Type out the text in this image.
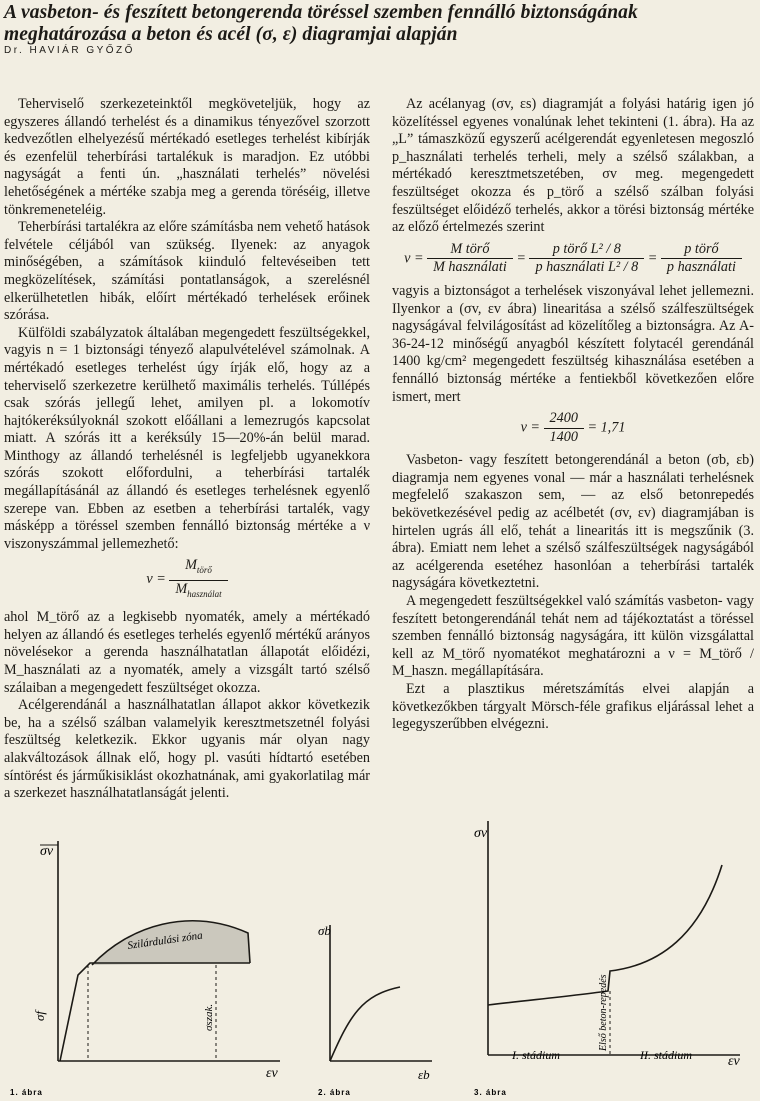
A vasbeton- és feszített betongerenda töréssel szemben fennálló biztonságának meghatározása a beton és acél (σ, ε) diagramjai alapján
Dr. HAVIÁR GYŐZŐ

Teherviselő szerkezeteinktől megköveteljük, hogy az egyszeres állandó terhelést és a dinamikus tényezővel szorzott kedvezőtlen elhelyezésű mértékadó esetleges terhelést kibírják és ezenfelül teherbírási tartalékuk is maradjon. Ez utóbbi nagyságát a fenti ún. „használati terhelés” növelési lehetőségének a mértéke szabja meg a gerenda töréséig, illetve tönkremeneteléig.

Teherbírási tartalékra az előre számításba nem vehető hatások felvétele céljából van szükség. Ilyenek: az anyagok minőségében, a számítások kiinduló feltevéseiben tett megközelítések, számítási pontatlanságok, a szerelésnél elkerülhetetlen hibák, előírt mértékadó terhelések erőinek szórása.

Külföldi szabályzatok általában megengedett feszültségekkel, vagyis n = 1 biztonsági tényező alapulvételével számolnak. A mértékadó esetleges terhelést úgy írják elő, hogy az a teherviselő szerkezetre kerülhető maximális terhelés. Túllépés csak szórás jellegű lehet, amilyen pl. a lokomotív hajtókeréksúlyoknál szokott előállani a lemezrugós kapcsolat miatt. A szórás itt a keréksúly 15—20%-án belül marad. Minthogy az állandó terhelésnél is legfeljebb ugyanekkora szórás szokott előfordulni, a teherbírási tartalék megállapításánál az állandó és esetleges terhelésnek egyenlő szerepe van. Ebben az esetben a teherbírási tartalék, vagy másképp a töréssel szemben fennálló biztonság mértéke a ν viszonyszámmal jellemezhető:

$\nu = \frac{M_{törő}}{M_{használat}}$

ahol M_törő az a legkisebb nyomaték, amely a mértékadó helyen az állandó és esetleges terhelés egyenlő mértékű arányos növelésekor a gerenda használhatatlan állapotát előidézi, M_használati az a nyomaték, amely a vizsgált tartó szélső szálaiban a megengedett feszültséget okozza.

Acélgerendánál a használhatatlan állapot akkor következik be, ha a szélső szálban valamelyik keresztmetszetnél folyási feszültség keletkezik. Ekkor ugyanis már olyan nagy alakváltozások állnak elő, hogy pl. vasúti hídtartó esetében síntörést és járműkisiklást okozhatnának, ami gyakorlatilag már a szerkezet használhatatlanságát jelenti.

Az acélanyag (σv, εs) diagramját a folyási határig igen jó közelítéssel egyenes vonalúnak lehet tekinteni (1. ábra). Ha az „L” támaszközű egyszerű acélgerendát egyenletesen megoszló p_használati terhelés terheli, mely a szélső szálakban, a mértékadó keresztmetszetében, σv meg. megengedett feszültséget okozza és p_törő a szélső szálban folyási feszültséget előidéző terhelés, akkor a törési biztonság mértéke az előző értelmezés szerint

$\nu = \frac{\text{M törő}}{\text{M használati}} = \frac{\text{p törő L² / 8}}{\text{p használati L² / 8}} = \frac{\text{p törő}}{\text{p használati}}$

vagyis a biztonságot a terhelések viszonyával lehet jellemezni. Ilyenkor a (σv, εv ábra) linearitása a szélső szálfeszültségek nagyságával felvilágosítást ad közelítőleg a biztonságra. Az A-36-24-12 minőségű anyagból készített folytacél gerendánál 1400 kg/cm² megengedett feszültség kihasználása esetében a fennálló biztonság mértéke a fentiekből következően előre ismert, mert

$\nu = \frac{2400}{1400} = 1,71$

Vasbeton- vagy feszített betongerendánál a beton (σb, εb) diagramja nem egyenes vonal — már a használati terhelésnek megfelelő szakaszon sem, — az első betonrepedés bekövetkezésével pedig az acélbetét (σv, εv) diagramjában is hirtelen ugrás áll elő, tehát a linearitás itt is megszűnik (3. ábra). Emiatt nem lehet a szélső szálfeszültségek nagyságából az acélgerenda esetéhez hasonlóan a teherbírási tartalék nagyságára következtetni.

A megengedett feszültségekkel való számítás vasbeton- vagy feszített betongerendánál tehát nem ad tájékoztatást a töréssel szemben fennálló biztonság nagyságára, itt külön vizsgálattal kell az M_törő nyomatékot meghatározni a ν = M_törő / M_haszn. megállapítására.

Ezt a plasztikus méretszámítás elvei alapján a következőkben tárgyalt Mörsch-féle grafikus eljárással lehet a legegyszerűbben elvégezni.

σv
εv
σf
Szilárdulási zóna
σszak.
1. ábra
σb
εb
2. ábra
σv
εv
Első beton-repedés
I. stádium	II. stádium
3. ábra
